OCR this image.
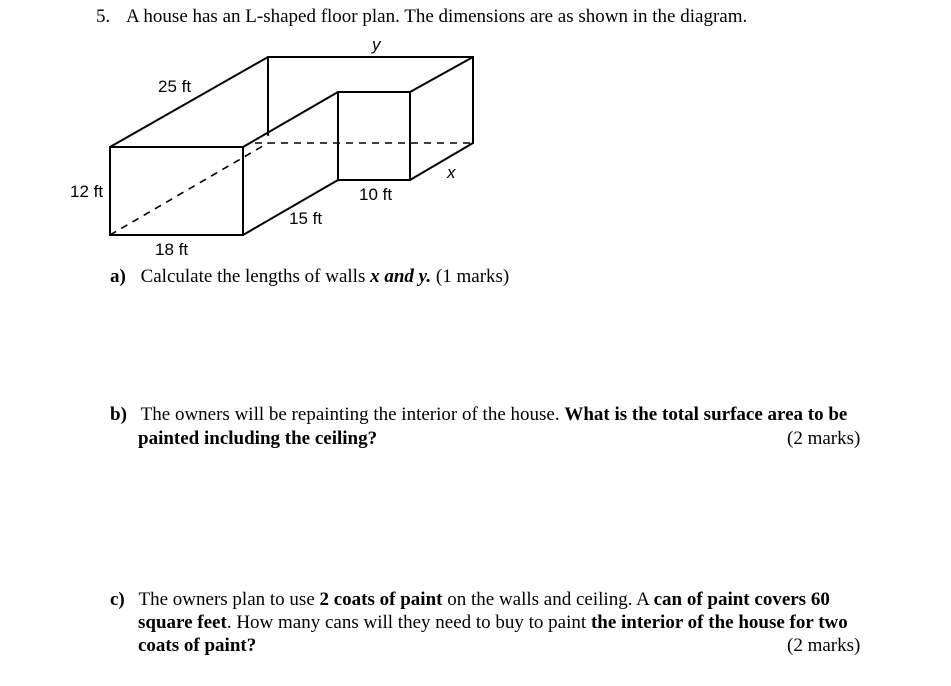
5. A house has an L-shaped floor plan. The dimensions are as shown in the diagram.
y
x
25 ft
12 ft
18 ft
15 ft
10 ft
a) Calculate the lengths of walls x and y. (1 marks)
b) The owners will be repainting the interior of the house. What is the total surface area to be
painted including the ceiling?	(2 marks)
c) The owners plan to use 2 coats of paint on the walls and ceiling. A can of paint covers 60
square feet. How many cans will they need to buy to paint the interior of the house for two
coats of paint?	(2 marks)
